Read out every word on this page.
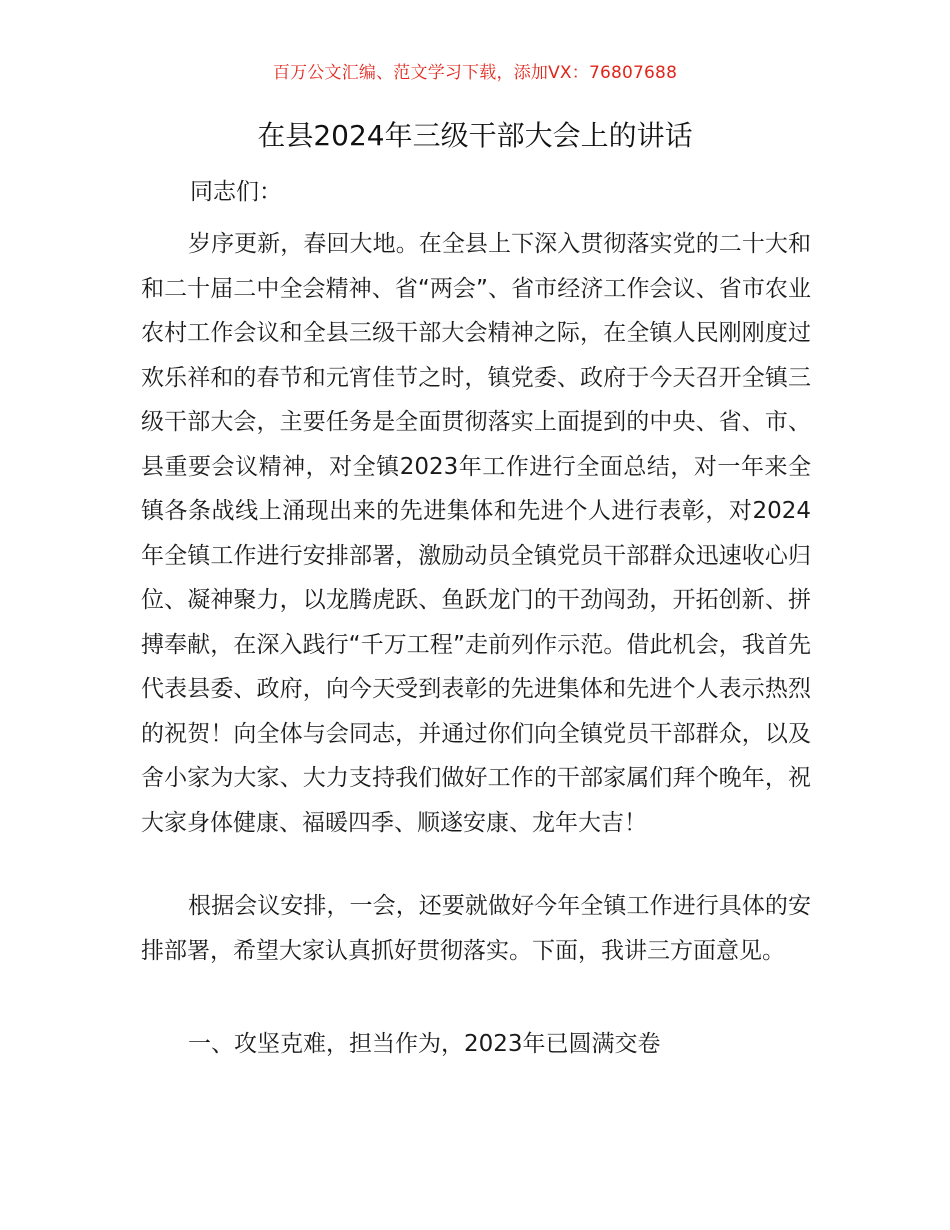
百万公文汇编、范文学习下载，添加VX：76807688
在县2024年三级干部大会上的讲话

同志们：

岁序更新，春回大地。在全县上下深入贯彻落实党的二十大和和二十届二中全会精神、省“两会”、省市经济工作会议、省市农业农村工作会议和全县三级干部大会精神之际，在全镇人民刚刚度过欢乐祥和的春节和元宵佳节之时，镇党委、政府于今天召开全镇三级干部大会，主要任务是全面贯彻落实上面提到的中央、省、市、县重要会议精神，对全镇2023年工作进行全面总结，对一年来全镇各条战线上涌现出来的先进集体和先进个人进行表彰，对2024年全镇工作进行安排部署，激励动员全镇党员干部群众迅速收心归位、凝神聚力，以龙腾虎跃、鱼跃龙门的干劲闯劲，开拓创新、拼搏奉献，在深入践行“千万工程”走前列作示范。借此机会，我首先代表县委、政府，向今天受到表彰的先进集体和先进个人表示热烈的祝贺！向全体与会同志，并通过你们向全镇党员干部群众，以及舍小家为大家、大力支持我们做好工作的干部家属们拜个晚年，祝大家身体健康、福暖四季、顺遂安康、龙年大吉！

根据会议安排，一会，还要就做好今年全镇工作进行具体的安排部署，希望大家认真抓好贯彻落实。下面，我讲三方面意见。

一、攻坚克难，担当作为，2023年已圆满交卷
